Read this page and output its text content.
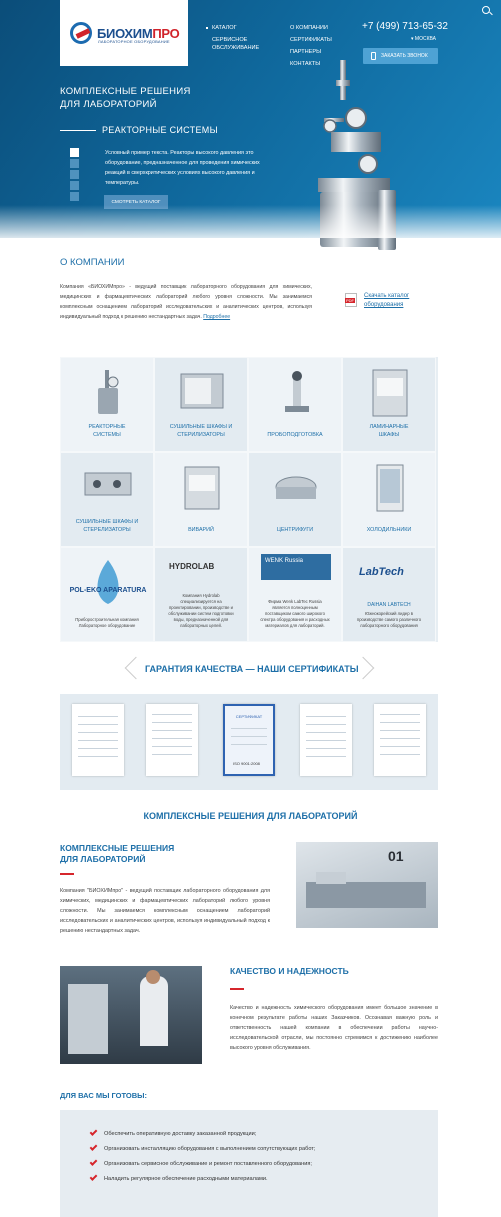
БИОХИМПРО
ЛАБОРАТОРНОЕ ОБОРУДОВАНИЕ
КАТАЛОГ
СЕРВИСНОЕ ОБСЛУЖИВАНИЕ
О КОМПАНИИ
СЕРТИФИКАТЫ
ПАРТНЕРЫ
КОНТАКТЫ
+7 (499) 713-65-32
▾ МОСКВА
ЗАКАЗАТЬ ЗВОНОК
КОМПЛЕКСНЫЕ РЕШЕНИЯ
ДЛЯ ЛАБОРАТОРИЙ
РЕАКТОРНЫЕ СИСТЕМЫ
Условный пример текста. Реакторы высокого давления это оборудование, предназначенное для проведения химических реакций в сверхкритических условиях высокого давления и температуры.
СМОТРЕТЬ КАТАЛОГ
О КОМПАНИИ
Компания «БИОХИМпро» - ведущий поставщик лабораторного оборудования для химических, медицинских и фармацевтических лабораторий любого уровня сложности. Мы занимаемся комплексным оснащением лабораторий исследовательских и аналитических центров, используя индивидуальный подход к решению нестандартных задач. Подробнее
PDF
Скачать каталог оборудования
РЕАКТОРНЫЕ СИСТЕМЫ
СУШИЛЬНЫЕ ШКАФЫ И СТЕРИЛИЗАТОРЫ	ПРОБОПОДГОТОВКА
ЛАМИНАРНЫЕ ШКАФЫ
СУШИЛЬНЫЕ ШКАФЫ И СТЕРЕЛИЗАТОРЫ	ВИВАРИЙ	ЦЕНТРИФУГИ	ХОЛОДИЛЬНИКИ
POL-EKO APARATURA
Приборостроительная компания Лабораторное оборудование
HYDROLAB
Компания Hydrolab специализируется на проектировании, производстве и обслуживании систем подготовки воды, предназначенной для лабораторных целей.
WENK Russia
Фирма Wenk LabTec Russia является полноценным поставщиком самого широкого спектра оборудования и расходных материалов для лабораторий.
LabTech
DAIHAN LABTECH
Южнокорейский лидер в производстве самого различного лабораторного оборудования
ГАРАНТИЯ КАЧЕСТВА — НАШИ СЕРТИФИКАТЫ
СЕРТИФИКАТ
ISO 9001:2008
КОМПЛЕКСНЫЕ РЕШЕНИЯ ДЛЯ ЛАБОРАТОРИЙ
КОМПЛЕКСНЫЕ РЕШЕНИЯ
ДЛЯ ЛАБОРАТОРИЙ
Компания "БИОХИМпро" - ведущий поставщик лабораторного оборудования для химических, медицинских и фармацевтических лабораторий любого уровня сложности. Мы занимаемся комплексным оснащением лабораторий исследовательских и аналитических центров, используя индивидуальный подход к решению нестандартных задач.
01
КАЧЕСТВО И НАДЕЖНОСТЬ
Качество и надежность химического оборудования имеет большое значение в конечном результате работы наших Заказчиков. Осознавая важную роль и ответственность нашей компании в обеспечении работы научно-исследовательской отрасли, мы постоянно стремимся к достижению наиболее высокого уровня обслуживания.
ДЛЯ ВАС МЫ ГОТОВЫ:
Обеспечить оперативную доставку заказанной продукции;
Организовать инсталляцию оборудования с выполнением сопутствующих работ;
Организовать сервисное обслуживание и ремонт поставленного оборудования;
Наладить регулярное обеспечение расходными материалами.
